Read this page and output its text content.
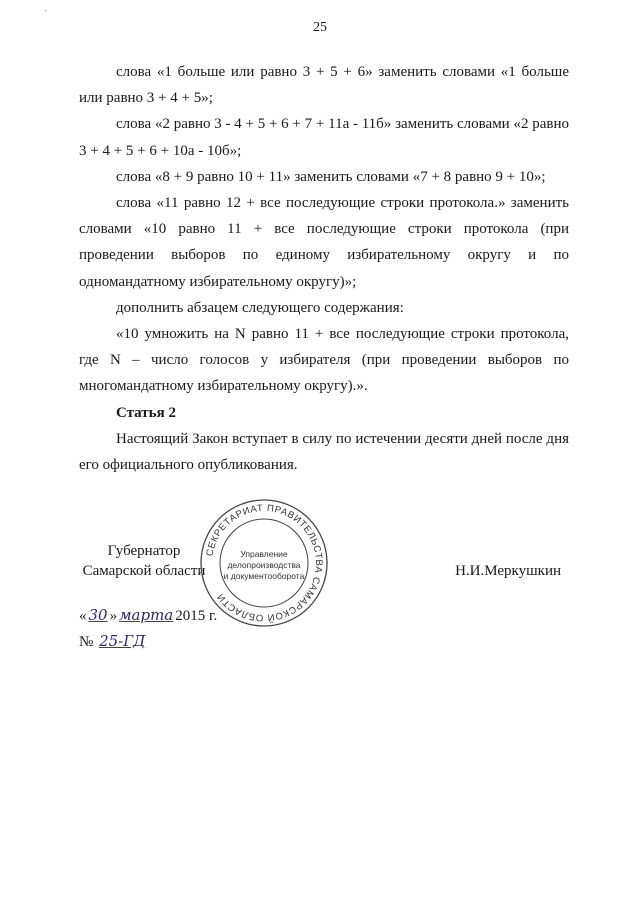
-
25

слова «1 больше или равно 3 + 5 + 6» заменить словами «1 больше или равно 3 + 4 + 5»;

слова «2 равно 3 - 4 + 5 + 6 + 7 + 11а - 11б» заменить словами «2 равно 3 + 4 + 5 + 6 + 10а - 10б»;

слова «8 + 9 равно 10 + 11» заменить словами «7 + 8 равно 9 + 10»;

слова «11 равно 12 + все последующие строки протокола.» заменить словами «10 равно 11 + все последующие строки протокола (при проведении выборов по единому избирательному округу и по одномандатному избирательному округу)»;

дополнить абзацем следующего содержания:

«10 умножить на N равно 11 + все последующие строки протокола, где N – число голосов у избирателя (при проведении выборов по многомандатному избирательному округу).».

Статья 2

Настоящий Закон вступает в силу по истечении десяти дней после дня его официального опубликования.

Губернатор
Самарской области
СЕКРЕТАРИАТ ПРАВИТЕЛЬСТВА САМАРСКОЙ ОБЛАСТИ
Управление
делопроизводства
и документооборота	Н.И.Меркушкин
« 30 » марта 2015 г.
№ 25-ГД
